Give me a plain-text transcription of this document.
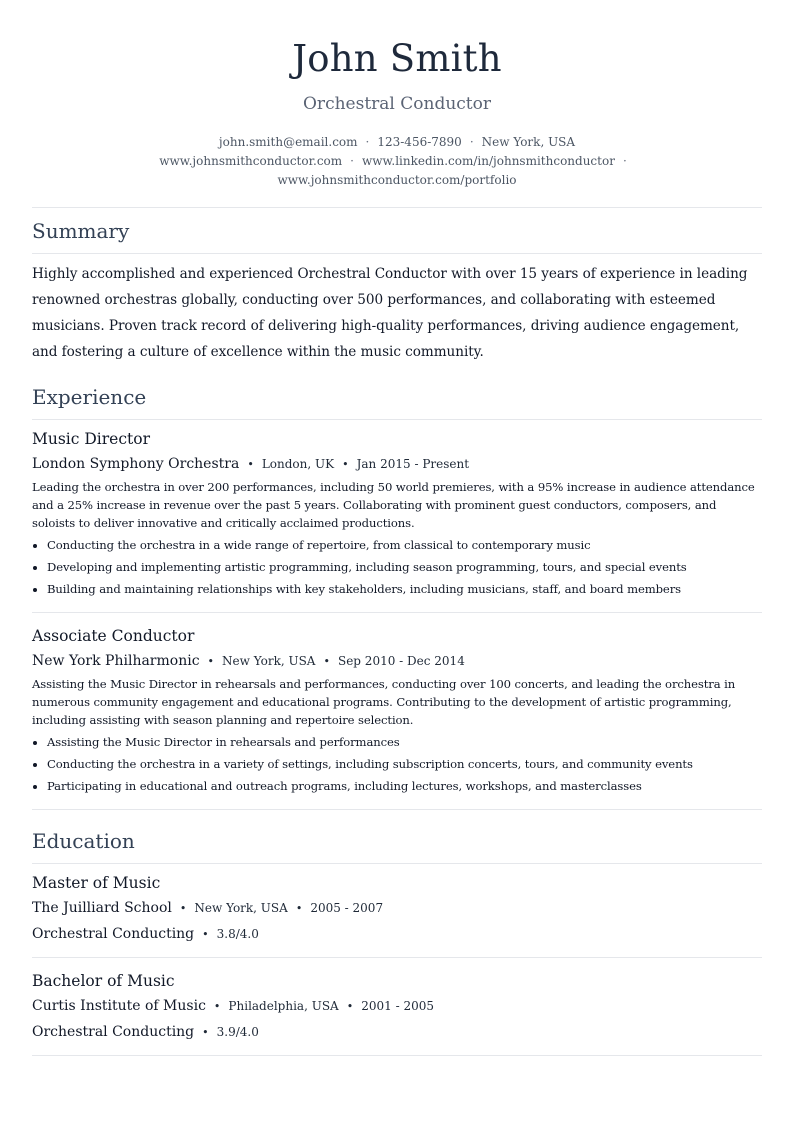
John Smith
Orchestral Conductor
john.smith@email.com · 123-456-7890 · New York, USA
www.johnsmithconductor.com · www.linkedin.com/in/johnsmithconductor ·
www.johnsmithconductor.com/portfolio
Summary

Highly accomplished and experienced Orchestral Conductor with over 15 years of experience in leading renowned orchestras globally, conducting over 500 performances, and collaborating with esteemed musicians. Proven track record of delivering high-quality performances, driving audience engagement, and fostering a culture of excellence within the music community.

Experience
Music Director
London Symphony Orchestra • London, UK • Jan 2015 - Present

Leading the orchestra in over 200 performances, including 50 world premieres, with a 95% increase in audience attendance and a 25% increase in revenue over the past 5 years. Collaborating with prominent guest conductors, composers, and soloists to deliver innovative and critically acclaimed productions.

Conducting the orchestra in a wide range of repertoire, from classical to contemporary music
Developing and implementing artistic programming, including season programming, tours, and special events
Building and maintaining relationships with key stakeholders, including musicians, staff, and board members
Associate Conductor
New York Philharmonic • New York, USA • Sep 2010 - Dec 2014

Assisting the Music Director in rehearsals and performances, conducting over 100 concerts, and leading the orchestra in numerous community engagement and educational programs. Contributing to the development of artistic programming, including assisting with season planning and repertoire selection.

Assisting the Music Director in rehearsals and performances
Conducting the orchestra in a variety of settings, including subscription concerts, tours, and community events
Participating in educational and outreach programs, including lectures, workshops, and masterclasses
Education
Master of Music
The Juilliard School • New York, USA • 2005 - 2007
Orchestral Conducting • 3.8/4.0
Bachelor of Music
Curtis Institute of Music • Philadelphia, USA • 2001 - 2005
Orchestral Conducting • 3.9/4.0
